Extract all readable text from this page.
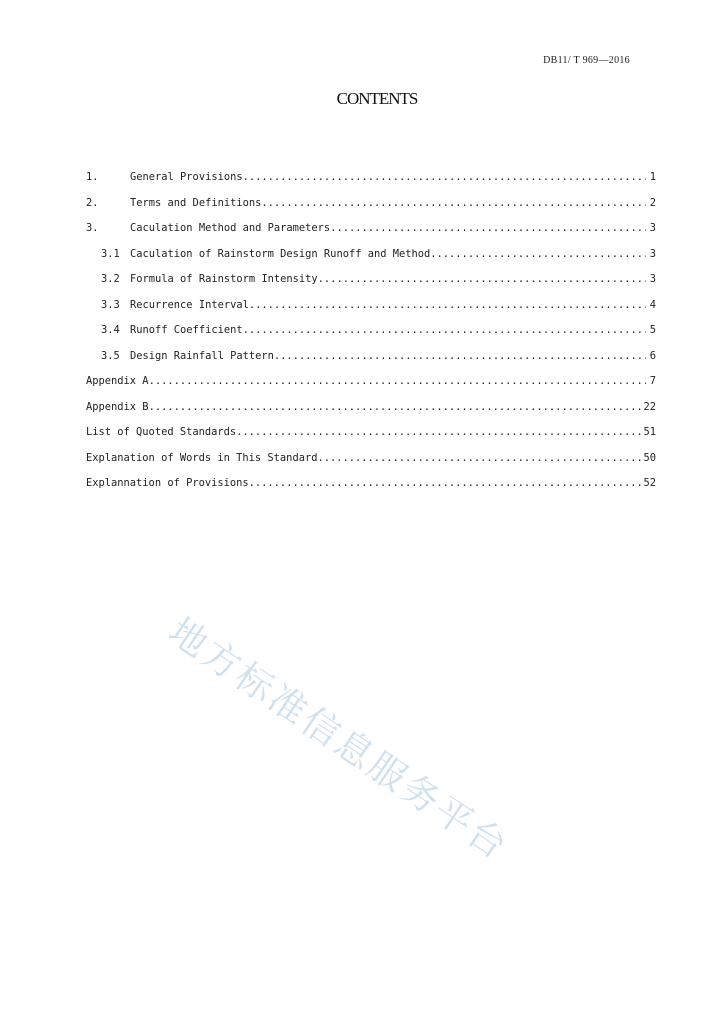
DB11/ T 969—2016
CONTENTS
1.	General Provisions .....	1
2.	Terms and Definitions .....	2
3.	Caculation Method and Parameters .....	3
3.1 Caculation of Rainstorm Design Runoff and Method .....	3
3.2 Formula of Rainstorm Intensity .....	3
3.3 Recurrence Interval .....	4
3.4 Runoff Coefficient .....	5
3.5 Design Rainfall Pattern .....	6
Appendix A .....	7
Appendix B .....	22
List of Quoted Standards .....	51
Explanation of Words in This Standard .....	50
Explannation of Provisions .....	52
地方标准信息服务平台
